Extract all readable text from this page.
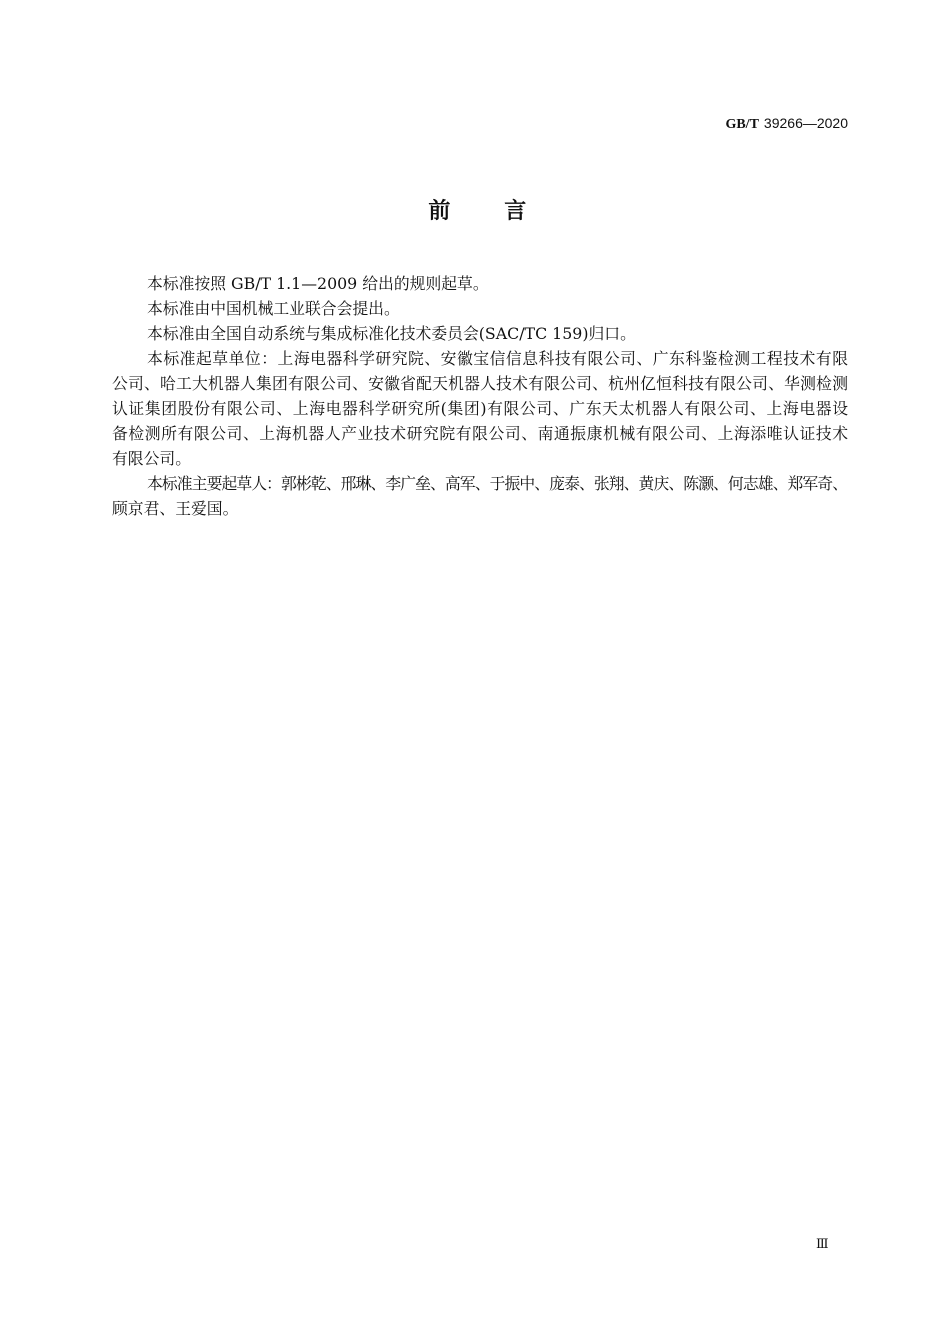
GB/T 39266—2020
前　　言

本标准按照 GB/T 1.1—2009 给出的规则起草。

本标准由中国机械工业联合会提出。

本标准由全国自动系统与集成标准化技术委员会(SAC/TC 159)归口。

本标准起草单位：上海电器科学研究院、安徽宝信信息科技有限公司、广东科鉴检测工程技术有限
公司、哈工大机器人集团有限公司、安徽省配天机器人技术有限公司、杭州亿恒科技有限公司、华测检测
认证集团股份有限公司、上海电器科学研究所(集团)有限公司、广东天太机器人有限公司、上海电器设
备检测所有限公司、上海机器人产业技术研究院有限公司、南通振康机械有限公司、上海添唯认证技术
有限公司。

本标准主要起草人：郭彬乾、邢琳、李广垒、高军、于振中、庞泰、张翔、黄庆、陈灏、何志雄、郑军奇、
顾京君、王爱国。

Ⅲ
